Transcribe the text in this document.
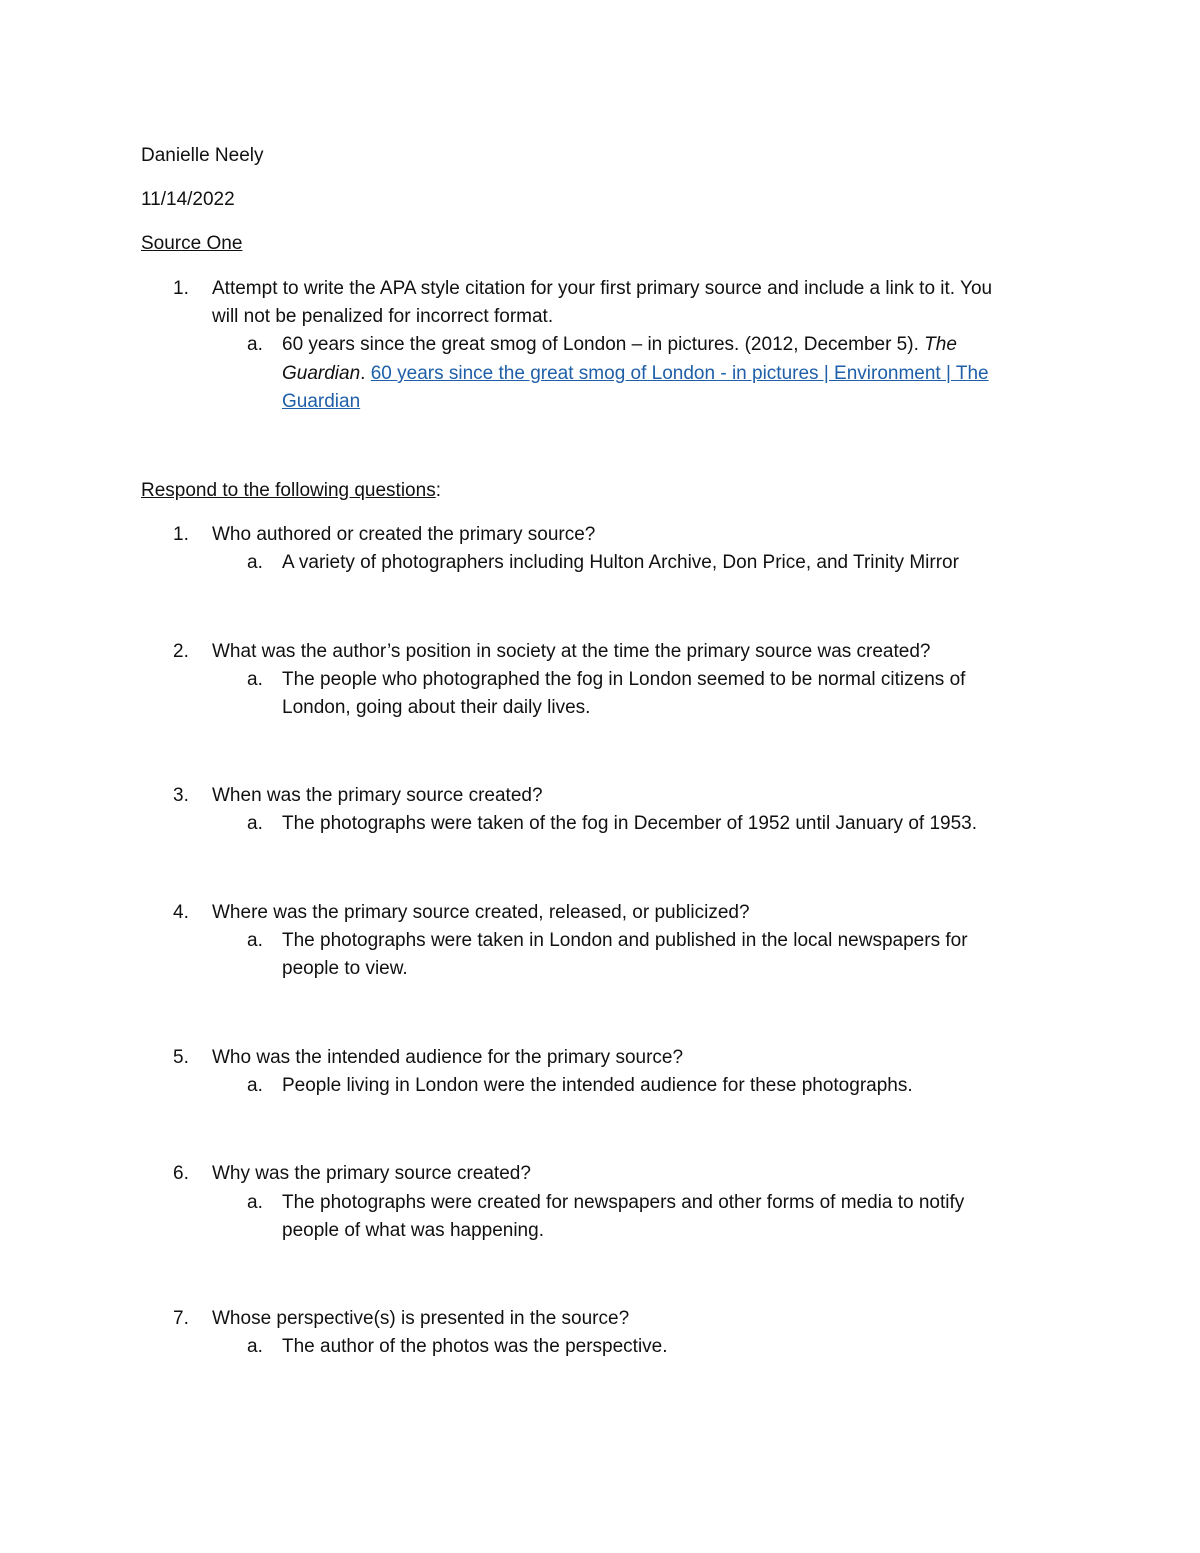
Danielle Neely
11/14/2022
Source One
1. Attempt to write the APA style citation for your first primary source and include a link to it. You
will not be penalized for incorrect format.
a. 60 years since the great smog of London – in pictures. (2012, December 5). The
Guardian. 60 years since the great smog of London - in pictures | Environment | The
Guardian
Respond to the following questions:
1. Who authored or created the primary source?
a. A variety of photographers including Hulton Archive, Don Price, and Trinity Mirror
2. What was the author’s position in society at the time the primary source was created?
a. The people who photographed the fog in London seemed to be normal citizens of
London, going about their daily lives.
3. When was the primary source created?
a. The photographs were taken of the fog in December of 1952 until January of 1953.
4. Where was the primary source created, released, or publicized?
a. The photographs were taken in London and published in the local newspapers for
people to view.
5. Who was the intended audience for the primary source?
a. People living in London were the intended audience for these photographs.
6. Why was the primary source created?
a. The photographs were created for newspapers and other forms of media to notify
people of what was happening.
7. Whose perspective(s) is presented in the source?
a. The author of the photos was the perspective.
